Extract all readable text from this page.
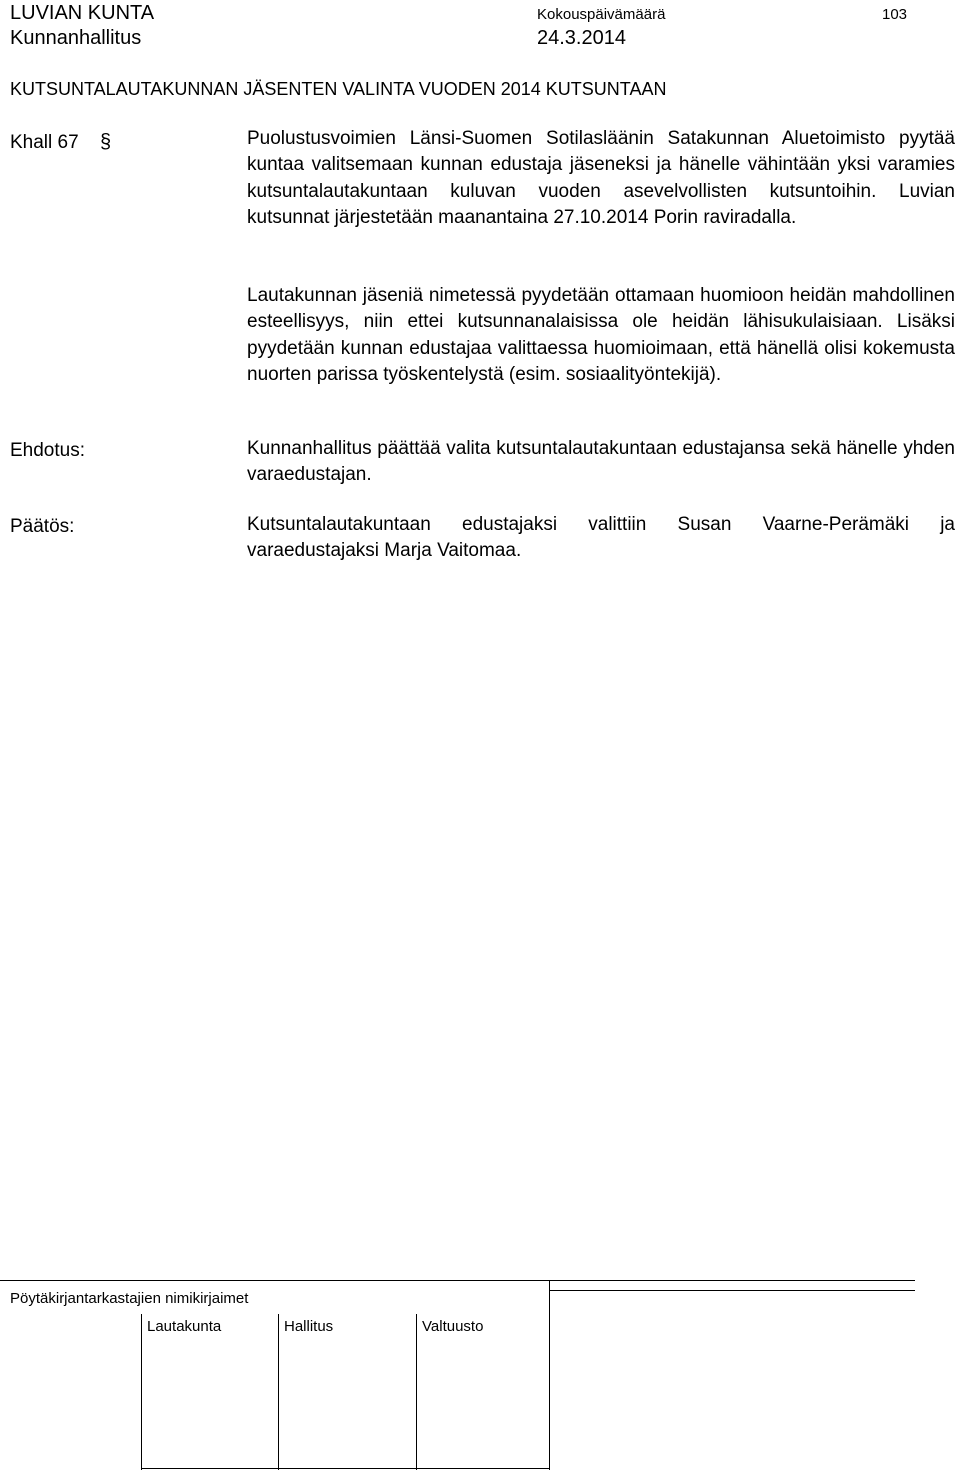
LUVIAN KUNTA
Kunnanhallitus
Kokouspäivämäärä
24.3.2014
103
KUTSUNTALAUTAKUNNAN JÄSENTEN VALINTA VUODEN 2014 KUTSUNTAAN
Khall 67 §	Puolustusvoimien Länsi-Suomen Sotilasläänin Satakunnan Aluetoimisto pyytää kuntaa valitsemaan kunnan edustaja jäseneksi ja hänelle vähintään yksi varamies kutsuntalautakuntaan kuluvan vuoden asevelvollisten kutsuntoihin. Luvian kutsunnat järjestetään maanantaina 27.10.2014 Porin raviradalla.
Lautakunnan jäseniä nimetessä pyydetään ottamaan huomioon heidän mahdollinen esteellisyys, niin ettei kutsunnanalaisissa ole heidän lähisukulaisiaan. Lisäksi pyydetään kunnan edustajaa valittaessa huomioimaan, että hänellä olisi kokemusta nuorten parissa työskentelystä (esim. sosiaalityöntekijä).
Ehdotus:	Kunnanhallitus päättää valita kutsuntalautakuntaan edustajansa sekä hänelle yhden varaedustajan.
Päätös:	Kutsuntalautakuntaan edustajaksi valittiin Susan Vaarne-Perämäki ja varaedustajaksi Marja Vaitomaa.
Pöytäkirjantarkastajien nimikirjaimet
Lautakunta	Hallitus	Valtuusto
